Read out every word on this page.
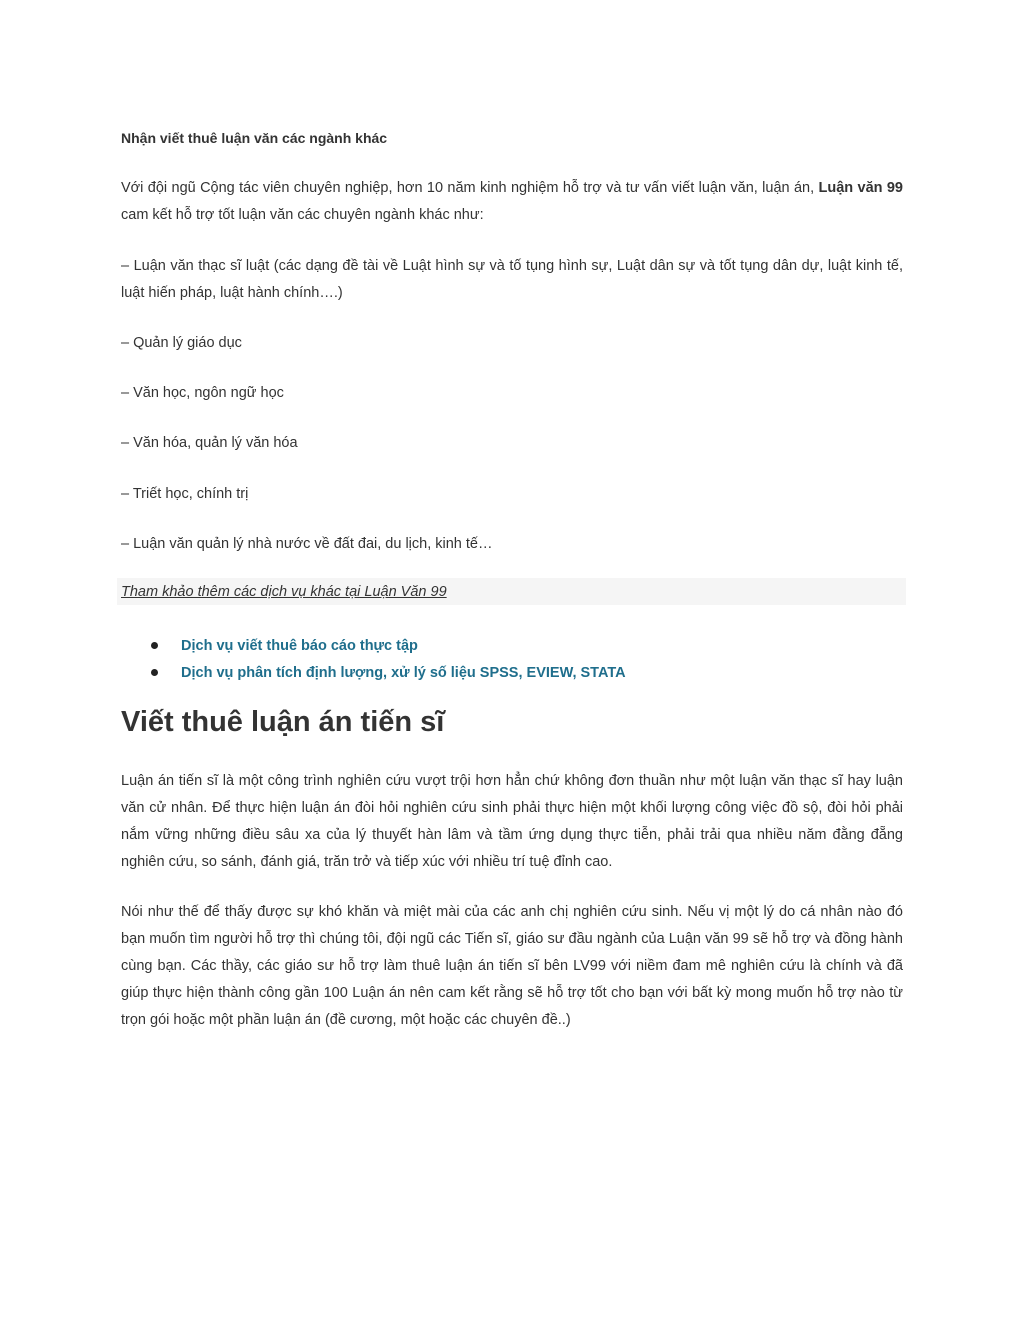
Nhận viết thuê luận văn các ngành khác
Với đội ngũ Cộng tác viên chuyên nghiệp, hơn 10 năm kinh nghiệm hỗ trợ và tư vấn viết luận văn, luận án, Luận văn 99 cam kết hỗ trợ tốt luận văn các chuyên ngành khác như:
– Luận văn thạc sĩ luật (các dạng đề tài về Luật hình sự và tố tụng hình sự, Luật dân sự và tốt tụng dân dự, luật kinh tế, luật hiến pháp, luật hành chính….)
– Quản lý giáo dục
– Văn học, ngôn ngữ học
– Văn hóa, quản lý văn hóa
– Triết học, chính trị
– Luận văn quản lý nhà nước về đất đai, du lịch, kinh tế…
Tham khảo thêm các dịch vụ khác tại Luận Văn 99
Dịch vụ viết thuê báo cáo thực tập
Dịch vụ phân tích định lượng, xử lý số liệu SPSS, EVIEW, STATA
Viết thuê luận án tiến sĩ
Luận án tiến sĩ là một công trình nghiên cứu vượt trội hơn hẳn chứ không đơn thuần như một luận văn thạc sĩ hay luận văn cử nhân. Để thực hiện luận án đòi hỏi nghiên cứu sinh phải thực hiện một khối lượng công việc đồ sộ, đòi hỏi phải nắm vững những điều sâu xa của lý thuyết hàn lâm và tầm ứng dụng thực tiễn, phải trải qua nhiều năm đằng đẵng nghiên cứu, so sánh, đánh giá, trăn trở và tiếp xúc với nhiều trí tuệ đỉnh cao.
Nói như thế để thấy được sự khó khăn và miệt mài của các anh chị nghiên cứu sinh. Nếu vị một lý do cá nhân nào đó bạn muốn tìm người hỗ trợ thì chúng tôi, đội ngũ các Tiến sĩ, giáo sư đầu ngành của Luận văn 99 sẽ hỗ trợ và đồng hành cùng bạn. Các thầy, các giáo sư hỗ trợ làm thuê luận án tiến sĩ bên LV99 với niềm đam mê nghiên cứu là chính và đã giúp thực hiện thành công gần 100 Luận án nên cam kết rằng sẽ hỗ trợ tốt cho bạn với bất kỳ mong muốn hỗ trợ nào từ trọn gói hoặc một phần luận án (đề cương, một hoặc các chuyên đề..)
